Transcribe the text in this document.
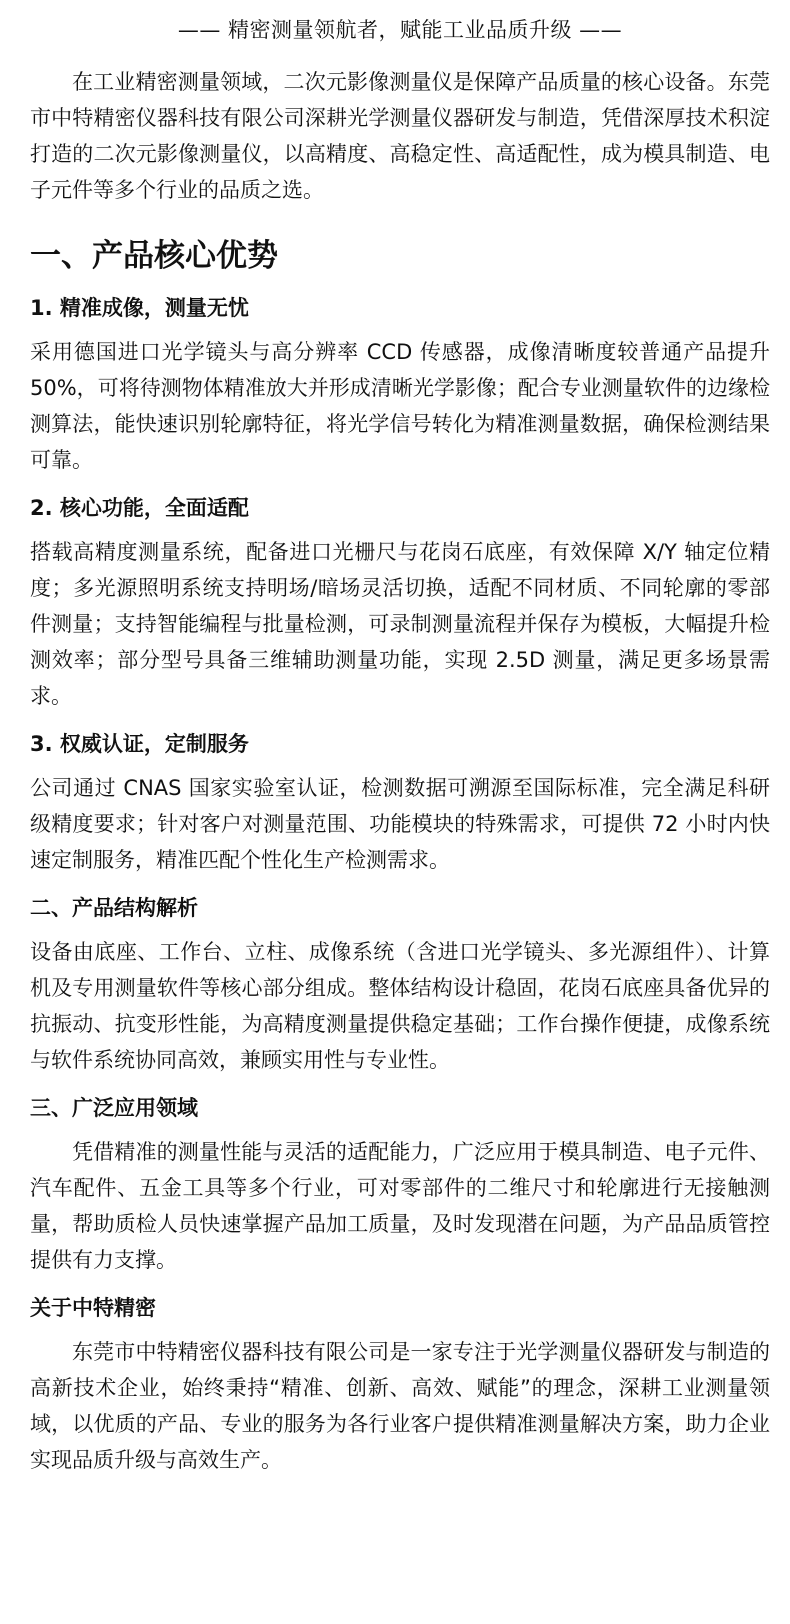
—— 精密测量领航者，赋能工业品质升级 ——

在工业精密测量领域，二次元影像测量仪是保障产品质量的核心设备。东莞市中特精密仪器科技有限公司深耕光学测量仪器研发与制造，凭借深厚技术积淀打造的二次元影像测量仪，以高精度、高稳定性、高适配性，成为模具制造、电子元件等多个行业的品质之选。

一、产品核心优势
1. 精准成像，测量无忧

采用德国进口光学镜头与高分辨率 CCD 传感器，成像清晰度较普通产品提升 50%，可将待测物体精准放大并形成清晰光学影像；配合专业测量软件的边缘检测算法，能快速识别轮廓特征，将光学信号转化为精准测量数据，确保检测结果可靠。

2. 核心功能，全面适配

搭载高精度测量系统，配备进口光栅尺与花岗石底座，有效保障 X/Y 轴定位精度；多光源照明系统支持明场/暗场灵活切换，适配不同材质、不同轮廓的零部件测量；支持智能编程与批量检测，可录制测量流程并保存为模板，大幅提升检测效率；部分型号具备三维辅助测量功能，实现 2.5D 测量，满足更多场景需求。

3. 权威认证，定制服务

公司通过 CNAS 国家实验室认证，检测数据可溯源至国际标准，完全满足科研级精度要求；针对客户对测量范围、功能模块的特殊需求，可提供 72 小时内快速定制服务，精准匹配个性化生产检测需求。

二、产品结构解析

设备由底座、工作台、立柱、成像系统（含进口光学镜头、多光源组件）、计算机及专用测量软件等核心部分组成。整体结构设计稳固，花岗石底座具备优异的抗振动、抗变形性能，为高精度测量提供稳定基础；工作台操作便捷，成像系统与软件系统协同高效，兼顾实用性与专业性。

三、广泛应用领域

凭借精准的测量性能与灵活的适配能力，广泛应用于模具制造、电子元件、汽车配件、五金工具等多个行业，可对零部件的二维尺寸和轮廓进行无接触测量，帮助质检人员快速掌握产品加工质量，及时发现潜在问题，为产品品质管控提供有力支撑。

关于中特精密

东莞市中特精密仪器科技有限公司是一家专注于光学测量仪器研发与制造的高新技术企业，始终秉持“精准、创新、高效、赋能”的理念，深耕工业测量领域，以优质的产品、专业的服务为各行业客户提供精准测量解决方案，助力企业实现品质升级与高效生产。
